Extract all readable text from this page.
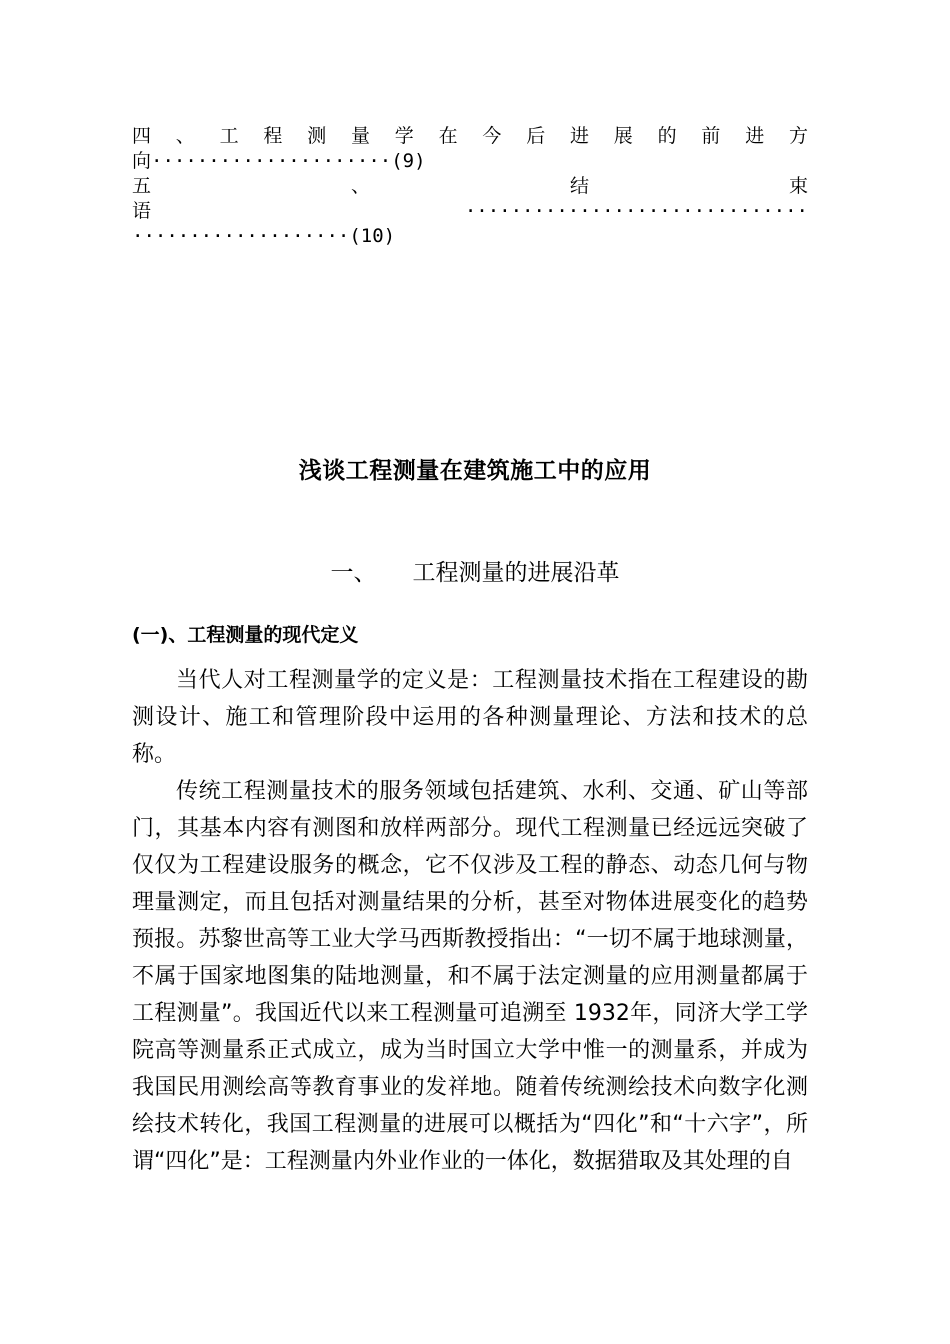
四 、 工 程 测 量 学 在 今 后 进 展 的 前 进 方
向·····················(9)
五 、 结 束
语······························
···················(10)
浅谈工程测量在建筑施工中的应用
一、 工程测量的进展沿革
(一)、工程测量的现代定义

当代人对工程测量学的定义是：工程测量技术指在工程建设的勘测设计、施工和管理阶段中运用的各种测量理论、方法和技术的总称。

传统工程测量技术的服务领域包括建筑、水利、交通、矿山等部门，其基本内容有测图和放样两部分。现代工程测量已经远远突破了仅仅为工程建设服务的概念，它不仅涉及工程的静态、动态几何与物理量测定，而且包括对测量结果的分析，甚至对物体进展变化的趋势预报。苏黎世高等工业大学马西斯教授指出：“一切不属于地球测量，不属于国家地图集的陆地测量，和不属于法定测量的应用测量都属于工程测量”。我国近代以来工程测量可追溯至 1932年，同济大学工学院高等测量系正式成立，成为当时国立大学中惟一的测量系，并成为我国民用测绘高等教育事业的发祥地。随着传统测绘技术向数字化测绘技术转化，我国工程测量的进展可以概括为“四化”和“十六字”，所谓“四化”是：工程测量内外业作业的一体化，数据猎取及其处理的自
